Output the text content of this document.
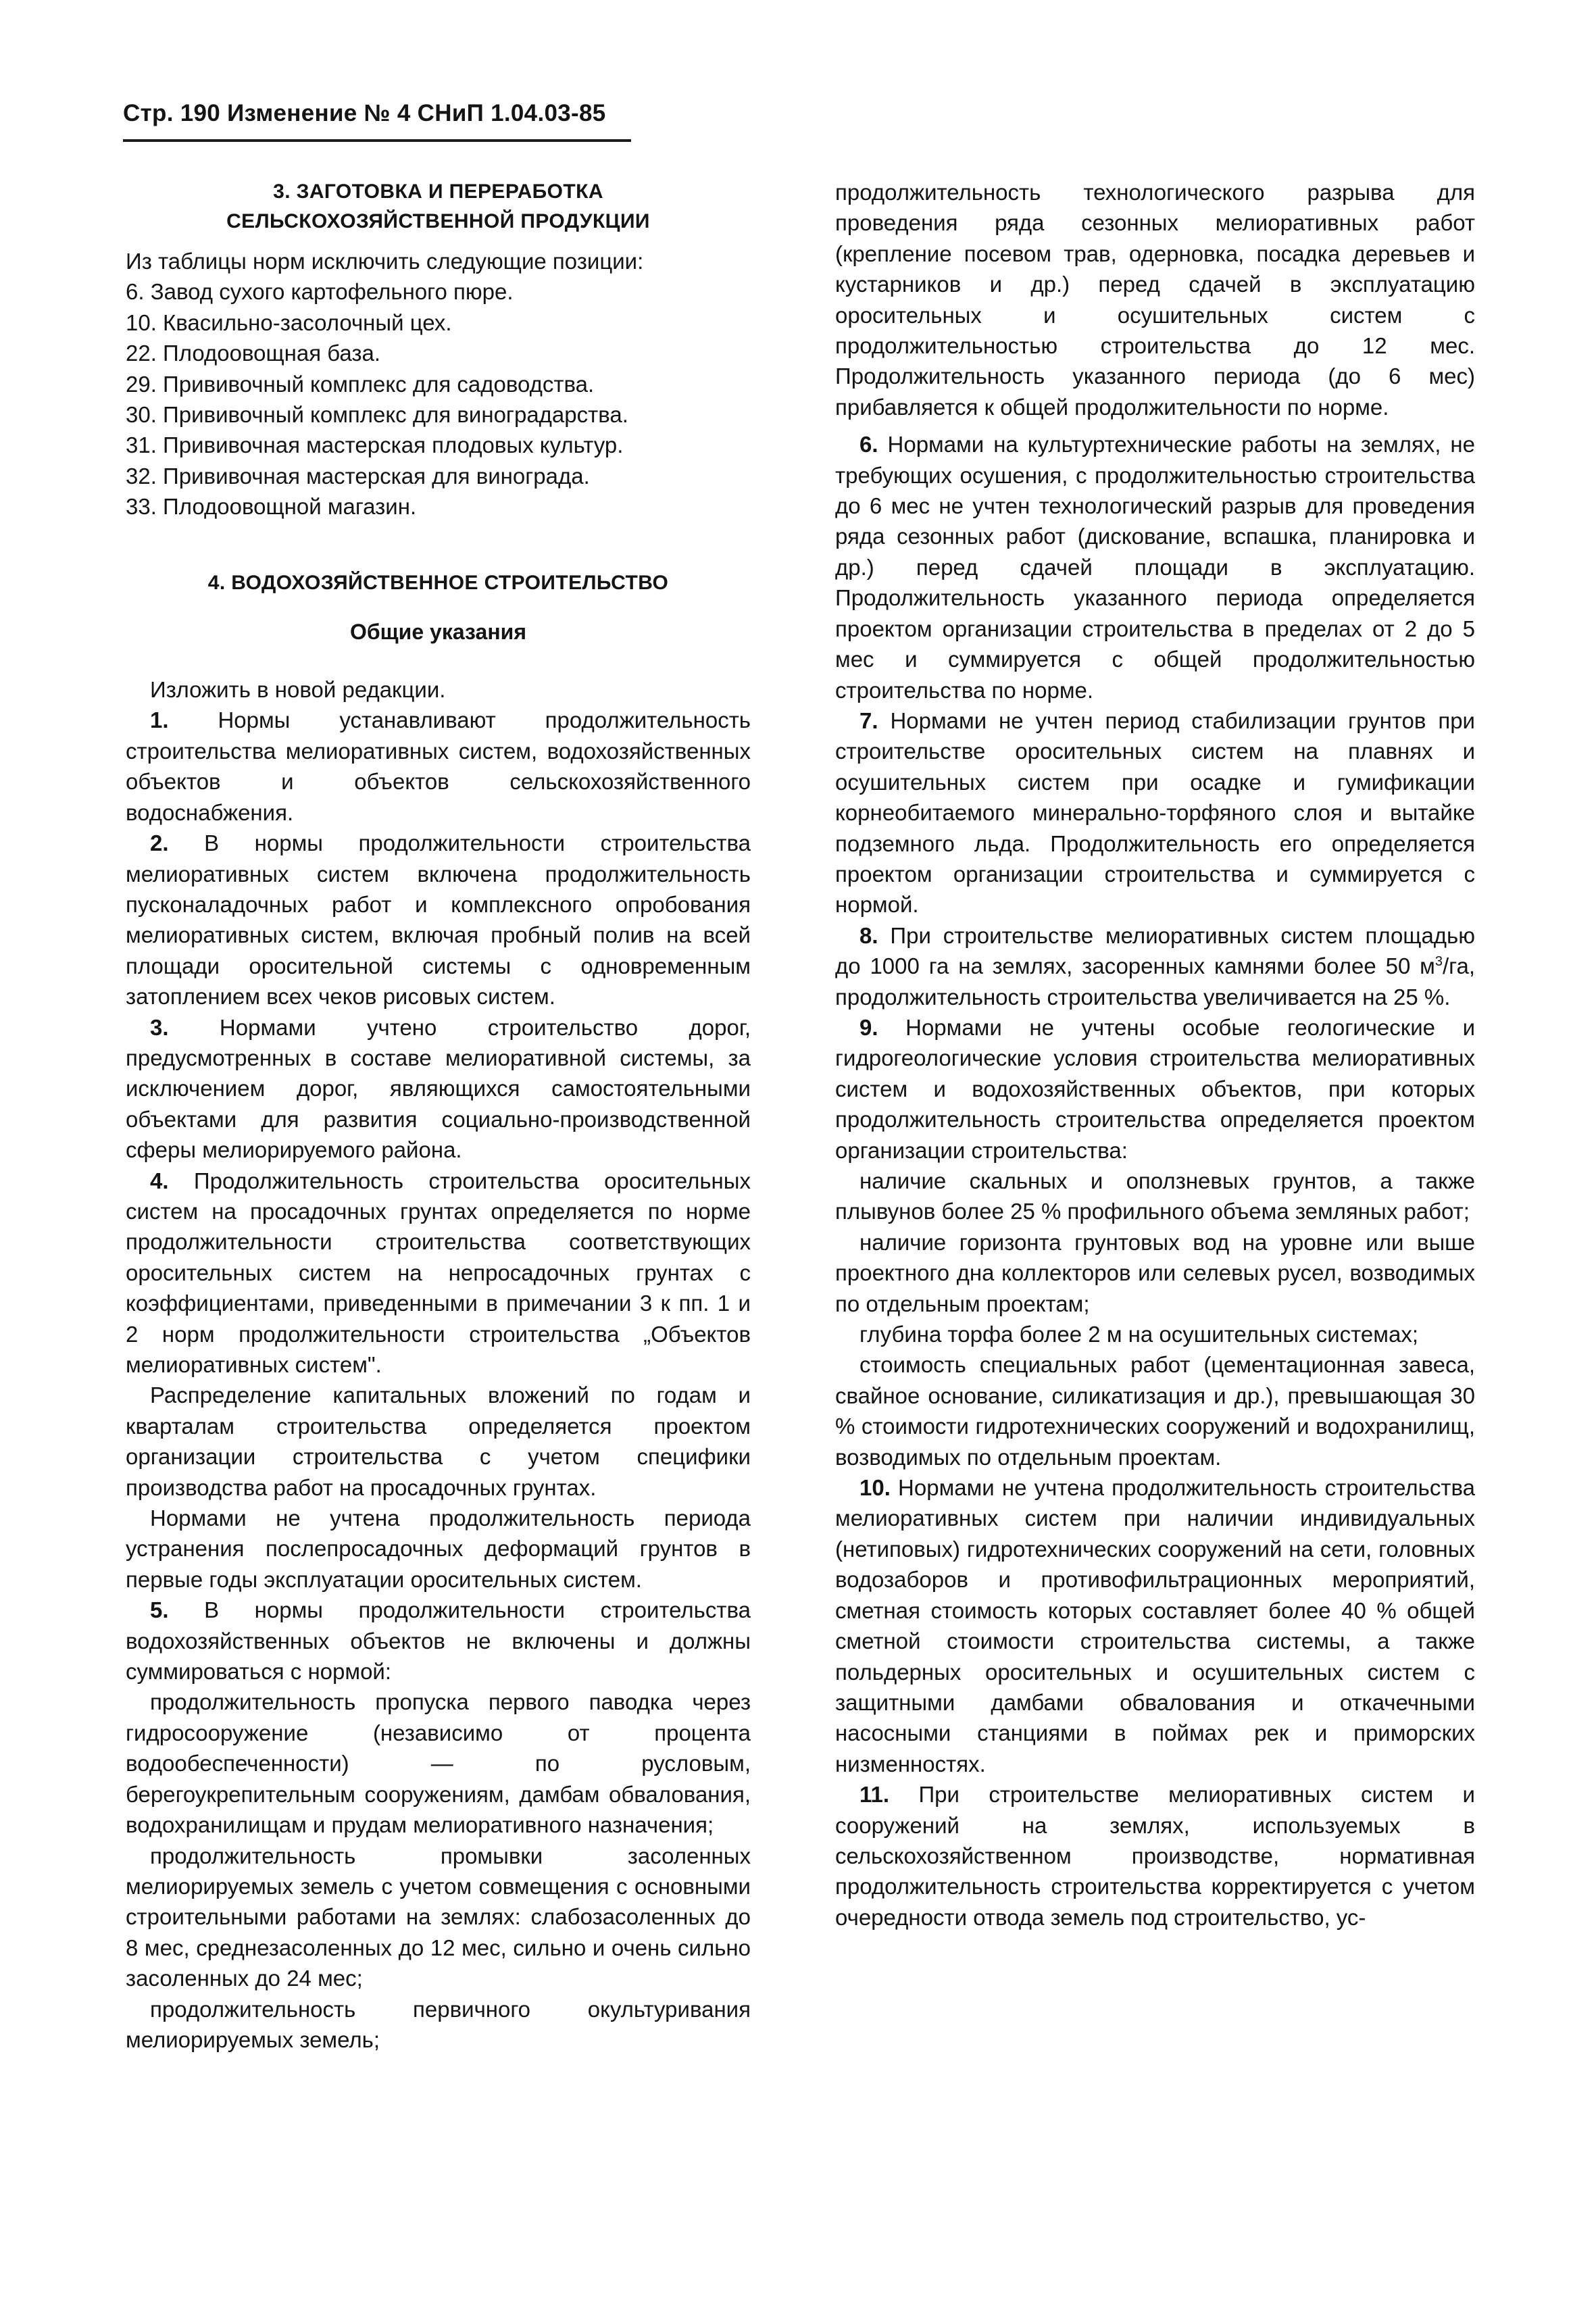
Стр. 190 Изменение № 4 СНиП 1.04.03-85
3. ЗАГОТОВКА И ПЕРЕРАБОТКА
СЕЛЬСКОХОЗЯЙСТВЕННОЙ ПРОДУКЦИИ

Из таблицы норм исключить следующие позиции:

6. Завод сухого картофельного пюре.

10. Квасильно-засолочный цех.

22. Плодоовощная база.

29. Прививочный комплекс для садоводства.

30. Прививочный комплекс для виноградарства.

31. Прививочная мастерская плодовых культур.

32. Прививочная мастерская для винограда.

33. Плодоовощной магазин.

4. ВОДОХОЗЯЙСТВЕННОЕ СТРОИТЕЛЬСТВО
Общие указания

Изложить в новой редакции.

1. Нормы устанавливают продолжительность строительства мелиоративных систем, водохозяйственных объектов и объектов сельскохозяйственного водоснабжения.

2. В нормы продолжительности строительства мелиоративных систем включена продолжительность пусконаладочных работ и комплексного опробования мелиоративных систем, включая пробный полив на всей площади оросительной системы с одновременным затоплением всех чеков рисовых систем.

3. Нормами учтено строительство дорог, предусмотренных в составе мелиоративной системы, за исключением дорог, являющихся самостоятельными объектами для развития социально-производственной сферы мелиорируемого района.

4. Продолжительность строительства оросительных систем на просадочных грунтах определяется по норме продолжительности строительства соответствующих оросительных систем на непросадочных грунтах с коэффициентами, приведенными в примечании 3 к пп. 1 и 2 норм продолжительности строительства „Объектов мелиоративных систем".

Распределение капитальных вложений по годам и кварталам строительства определяется проектом организации строительства с учетом специфики производства работ на просадочных грунтах.

Нормами не учтена продолжительность периода устранения послепросадочных деформаций грунтов в первые годы эксплуатации оросительных систем.

5. В нормы продолжительности строительства водохозяйственных объектов не включены и должны суммироваться с нормой:

продолжительность пропуска первого паводка через гидросооружение (независимо от процента водообеспеченности) — по русловым, берегоукрепительным сооружениям, дамбам обвалования, водохранилищам и прудам мелиоративного назначения;

продолжительность промывки засоленных мелиорируемых земель с учетом совмещения с основными строительными работами на землях: слабозасоленных до 8 мес, среднезасоленных до 12 мес, сильно и очень сильно засоленных до 24 мес;

продолжительность первичного окультуривания мелиорируемых земель;

продолжительность технологического разрыва для проведения ряда сезонных мелиоративных работ (крепление посевом трав, одерновка, посадка деревьев и кустарников и др.) перед сдачей в эксплуатацию оросительных и осушительных систем с продолжительностью строительства до 12 мес. Продолжительность указанного периода (до 6 мес) прибавляется к общей продолжительности по норме.

6. Нормами на культуртехнические работы на землях, не требующих осушения, с продолжительностью строительства до 6 мес не учтен технологический разрыв для проведения ряда сезонных работ (дискование, вспашка, планировка и др.) перед сдачей площади в эксплуатацию. Продолжительность указанного периода определяется проектом организации строительства в пределах от 2 до 5 мес и суммируется с общей продолжительностью строительства по норме.

7. Нормами не учтен период стабилизации грунтов при строительстве оросительных систем на плавнях и осушительных систем при осадке и гумификации корнеобитаемого минерально-торфяного слоя и вытайке подземного льда. Продолжительность его определяется проектом организации строительства и суммируется с нормой.

8. При строительстве мелиоративных систем площадью до 1000 га на землях, засоренных камнями более 50 $м^3/га$, продолжительность строительства увеличивается на 25 %.

9. Нормами не учтены особые геологические и гидрогеологические условия строительства мелиоративных систем и водохозяйственных объектов, при которых продолжительность строительства определяется проектом организации строительства:

наличие скальных и оползневых грунтов, а также плывунов более 25 % профильного объема земляных работ;

наличие горизонта грунтовых вод на уровне или выше проектного дна коллекторов или селевых русел, возводимых по отдельным проектам;

глубина торфа более 2 м на осушительных системах;

стоимость специальных работ (цементационная завеса, свайное основание, силикатизация и др.), превышающая 30 % стоимости гидротехнических сооружений и водохранилищ, возводимых по отдельным проектам.

10. Нормами не учтена продолжительность строительства мелиоративных систем при наличии индивидуальных (нетиповых) гидротехнических сооружений на сети, головных водозаборов и противофильтрационных мероприятий, сметная стоимость которых составляет более 40 % общей сметной стоимости строительства системы, а также польдерных оросительных и осушительных систем с защитными дамбами обвалования и откачечными насосными станциями в поймах рек и приморских низменностях.

11. При строительстве мелиоративных систем и сооружений на землях, используемых в сельскохозяйственном производстве, нормативная продолжительность строительства корректируется с учетом очередности отвода земель под строительство, ус-
